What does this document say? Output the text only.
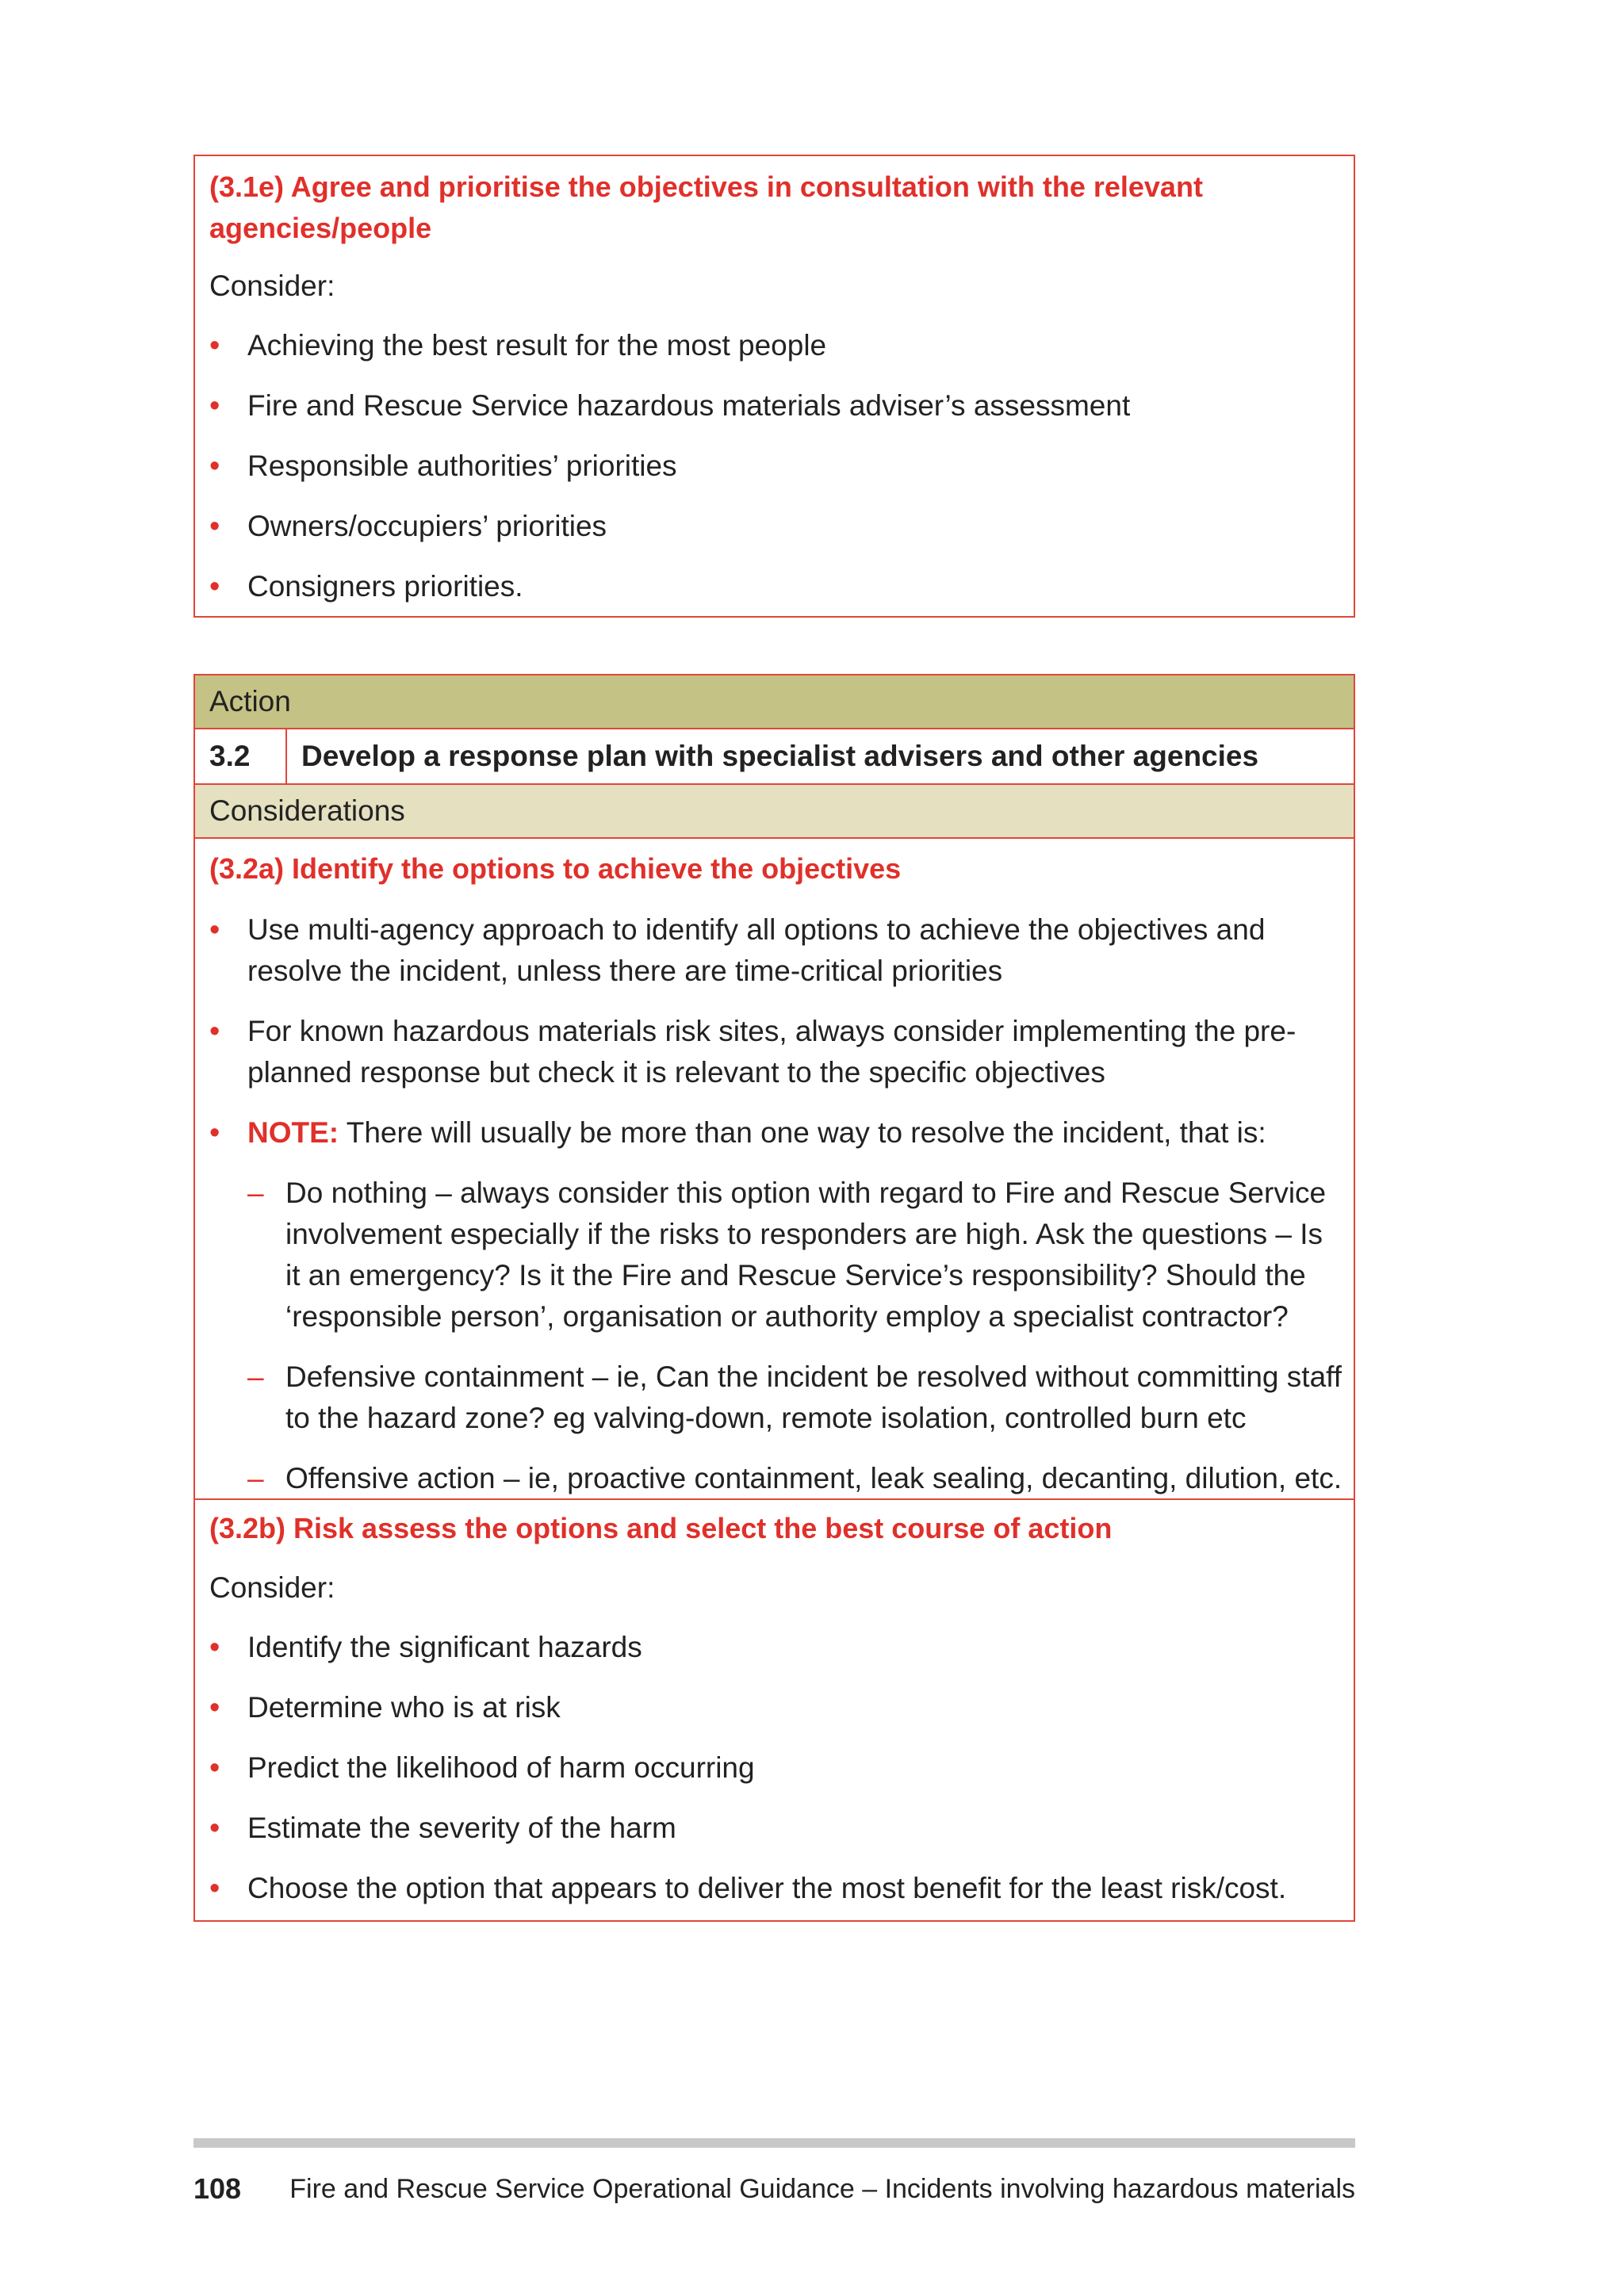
(3.1e) Agree and prioritise the objectives in consultation with the relevant
agencies/people
Consider:
• Achieving the best result for the most people
• Fire and Rescue Service hazardous materials adviser’s assessment
• Responsible authorities’ priorities
• Owners/occupiers’ priorities
• Consigners priorities.
Action
3.2	Develop a response plan with specialist advisers and other agencies
Considerations
(3.2a) Identify the options to achieve the objectives
• Use multi-agency approach to identify all options to achieve the objectives and
resolve the incident, unless there are time-critical priorities
• For known hazardous materials risk sites, always consider implementing the pre-
planned response but check it is relevant to the specific objectives
• NOTE: There will usually be more than one way to resolve the incident, that is:
– Do nothing – always consider this option with regard to Fire and Rescue Service
involvement especially if the risks to responders are high. Ask the questions – Is
it an emergency? Is it the Fire and Rescue Service’s responsibility? Should the
‘responsible person’, organisation or authority employ a specialist contractor?
– Defensive containment – ie, Can the incident be resolved without committing staff
to the hazard zone? eg valving-down, remote isolation, controlled burn etc
– Offensive action – ie, proactive containment, leak sealing, decanting, dilution, etc.
(3.2b) Risk assess the options and select the best course of action
Consider:
• Identify the significant hazards
• Determine who is at risk
• Predict the likelihood of harm occurring
• Estimate the severity of the harm
• Choose the option that appears to deliver the most benefit for the least risk/cost.
108 Fire and Rescue Service Operational Guidance – Incidents involving hazardous materials
